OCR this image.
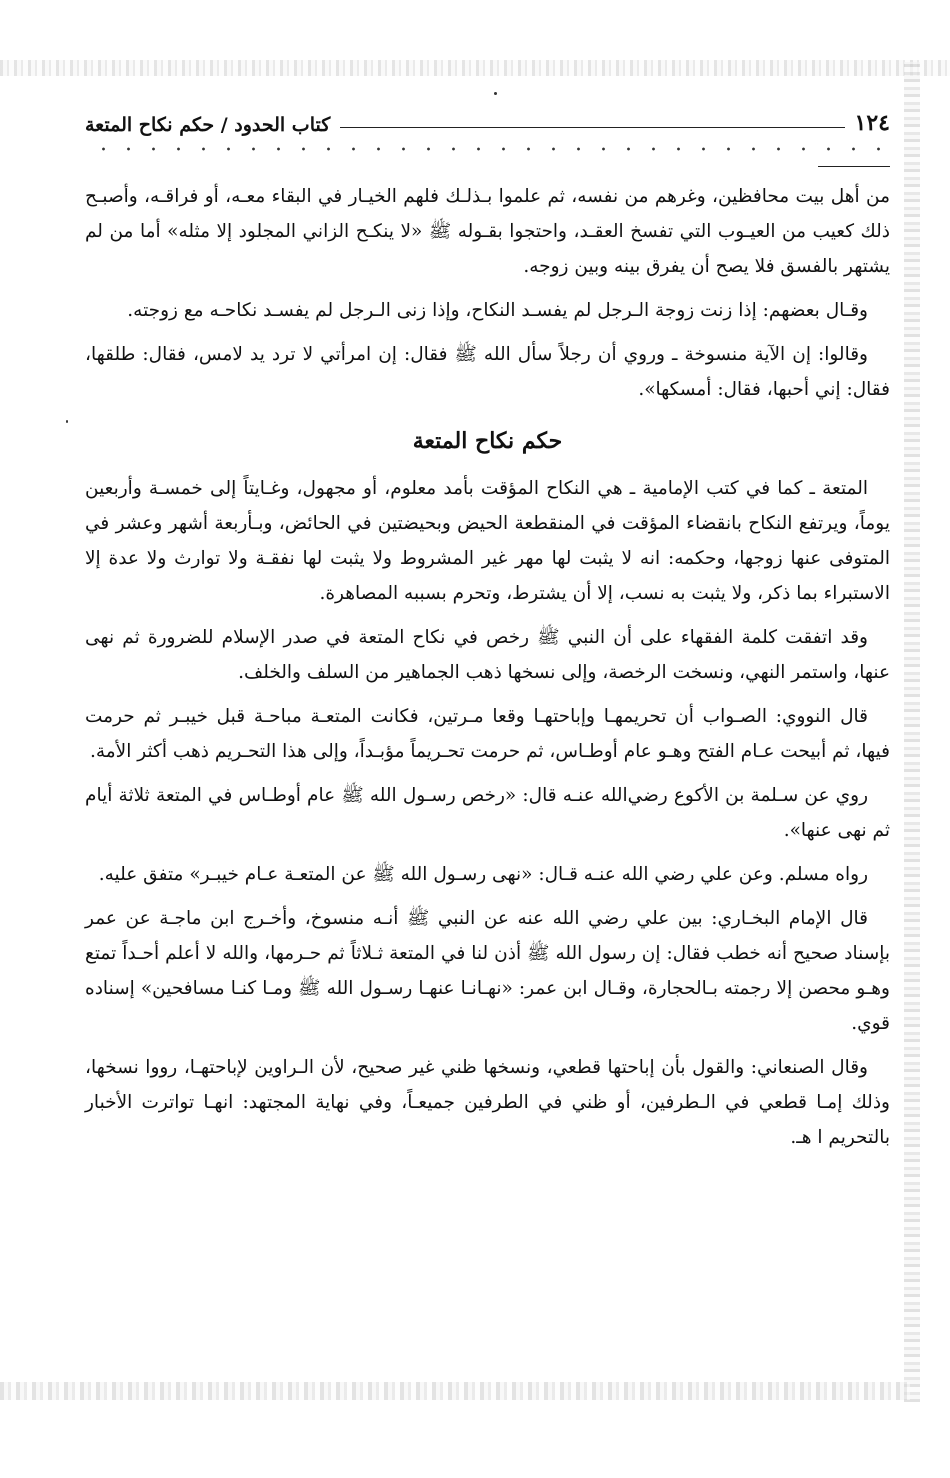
١٢٤
كتاب الحدود / حكم نكاح المتعة

من أهل بيت محافظين، وغرهم من نفسه، ثم علموا بـذلـك فلهم الخيـار في البقاء معـه، أو فراقـه، وأصبـح ذلك كعيب من العيـوب التي تفسخ العقـد، واحتجوا بقـوله ﷺ «لا ينكـح الزاني المجلود إلا مثله» أما من لم يشتهر بالفسق فلا يصح أن يفرق بينه وبين زوجه.

وقـال بعضهم: إذا زنت زوجة الـرجل لم يفسـد النكاح، وإذا زنى الـرجل لم يفسـد نكاحـه مع زوجته.

وقالوا: إن الآية منسوخة ـ وروي أن رجلاً سأل الله ﷺ فقال: إن امرأتي لا ترد يد لامس، فقال: طلقها، فقال: إني أحبها، فقال: أمسكها».

حكم نكاح المتعة

المتعة ـ كما في كتب الإمامية ـ هي النكاح المؤقت بأمد معلوم، أو مجهول، وغـايتاً إلى خمسـة وأربعين يوماً، ويرتفع النكاح بانقضاء المؤقت في المنقطعة الحيض وبحيضتين في الحائض، وبـأربعة أشهر وعشر في المتوفى عنها زوجها، وحكمه: انه لا يثبت لها مهر غير المشروط ولا يثبت لها نفقـة ولا توارث ولا عدة إلا الاستبراء بما ذكر، ولا يثبت به نسب، إلا أن يشترط، وتحرم بسببه المصاهرة.

وقد اتفقت كلمة الفقهاء على أن النبي ﷺ رخص في نكاح المتعة في صدر الإسلام للضرورة ثم نهى عنها، واستمر النهي، ونسخت الرخصة، وإلى نسخها ذهب الجماهير من السلف والخلف.

قال النووي: الصـواب أن تحريمهـا وإباحتهـا وقعا مـرتين، فكانت المتعـة مباحـة قبل خيبـر ثم حرمت فيها، ثم أبيحت عـام الفتح وهـو عام أوطـاس، ثم حرمت تحـريماً مؤبـداً، وإلى هذا التحـريم ذهب أكثر الأمة.

روي عن سـلمة بن الأكوع رضي‌الله عنـه قال: «رخص رسـول الله ﷺ عام أوطـاس في المتعة ثلاثة أيام ثم نهى عنها».

رواه مسلم. وعن علي رضي الله عنـه قـال: «نهى رسـول الله ﷺ عن المتعـة عـام خيبـر» متفق عليه.

قال الإمام البخـاري: بين علي رضي الله عنه عن النبي ﷺ أنـه منسوخ، وأخـرج ابن ماجـة عن عمر بإسناد صحيح أنه خطب فقال: إن رسول الله ﷺ أذن لنا في المتعة ثـلاثاً ثم حـرمها، والله لا أعلم أحـداً تمتع وهـو محصن إلا رجمته بـالحجارة، وقـال ابن عمر: «نهـانـا عنهـا رسـول الله ﷺ ومـا كنـا مسافحين» إسناده قوي.

وقال الصنعاني: والقول بأن إباحتها قطعي، ونسخها ظني غير صحيح، لأن الـراوين لإباحتهـا، رووا نسخها، وذلك إمـا قطعي في الـطرفين، أو ظني في الطرفين جميعـاً، وفي نهاية المجتهد: انهـا تواترت الأخبار بالتحريم ا هـ.
